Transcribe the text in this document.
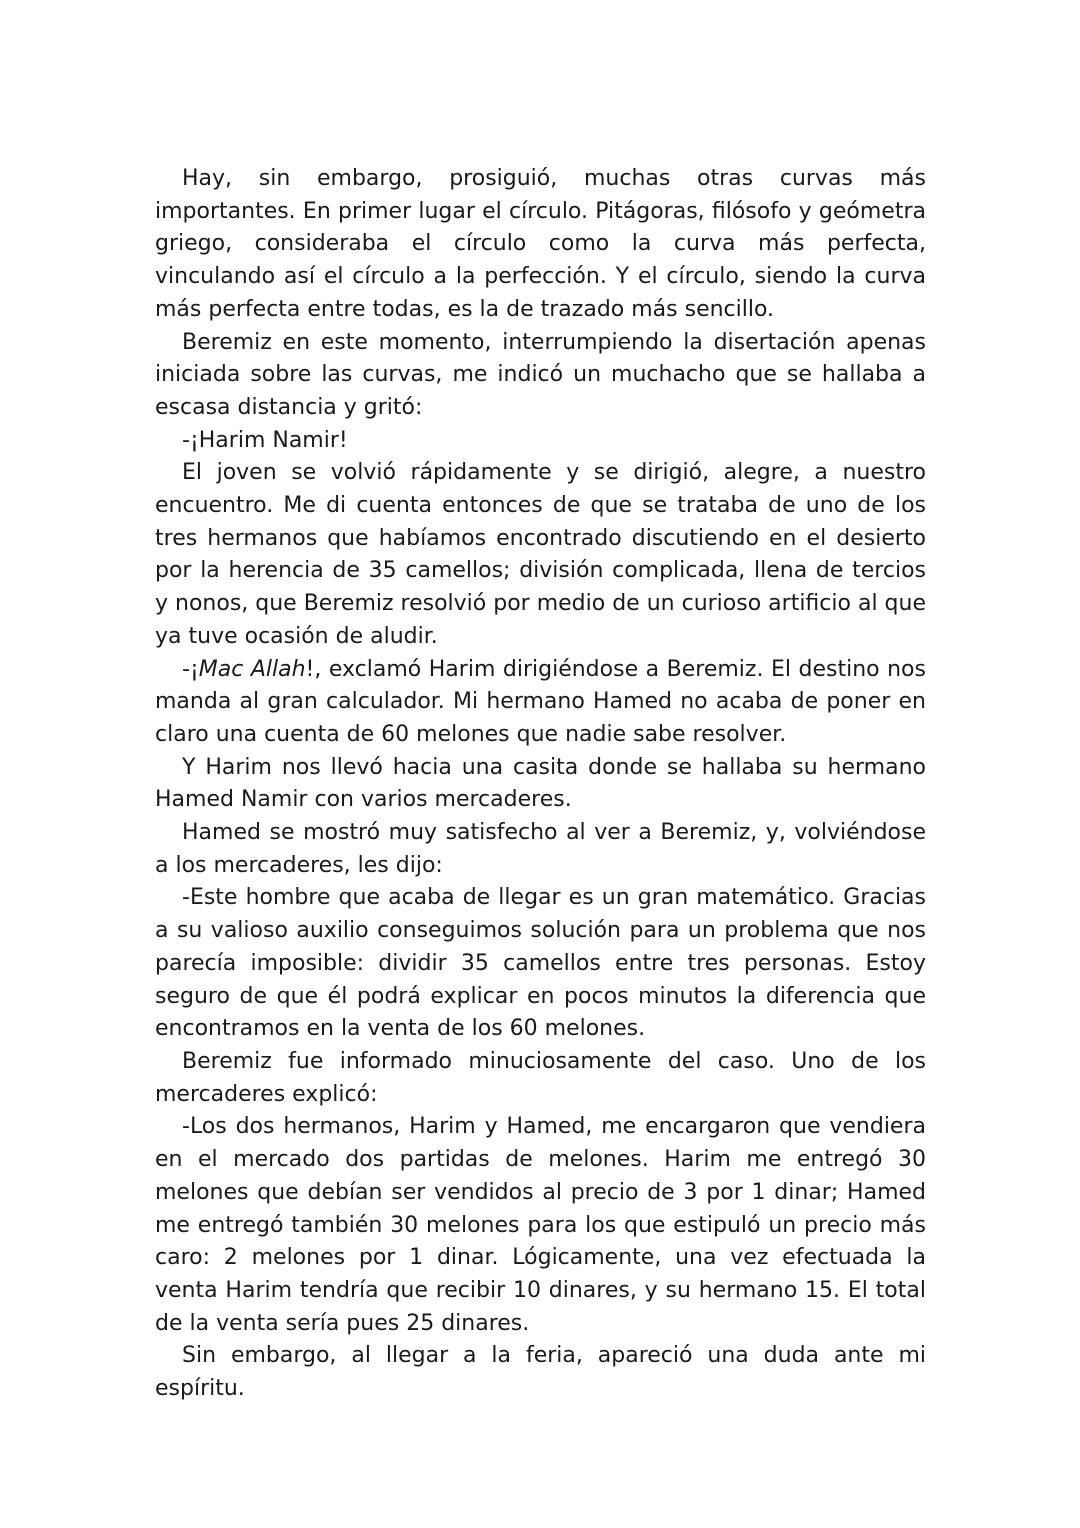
Hay, sin embargo, prosiguió, muchas otras curvas más importantes. En primer lugar el círculo. Pitágoras, filósofo y geómetra griego, consideraba el círculo como la curva más perfecta, vinculando así el círculo a la perfección. Y el círculo, siendo la curva más perfecta entre todas, es la de trazado más sencillo.

Beremiz en este momento, interrumpiendo la disertación apenas iniciada sobre las curvas, me indicó un muchacho que se hallaba a escasa distancia y gritó:

-¡Harim Namir!

El joven se volvió rápidamente y se dirigió, alegre, a nuestro encuentro. Me di cuenta entonces de que se trataba de uno de los tres hermanos que habíamos encontrado discutiendo en el desierto por la herencia de 35 camellos; división complicada, llena de tercios y nonos, que Beremiz resolvió por medio de un curioso artificio al que ya tuve ocasión de aludir.

-¡Mac Allah!, exclamó Harim dirigiéndose a Beremiz. El destino nos manda al gran calculador. Mi hermano Hamed no acaba de poner en claro una cuenta de 60 melones que nadie sabe resolver.

Y Harim nos llevó hacia una casita donde se hallaba su hermano Hamed Namir con varios mercaderes.

Hamed se mostró muy satisfecho al ver a Beremiz, y, volviéndose a los mercaderes, les dijo:

-Este hombre que acaba de llegar es un gran matemático. Gracias a su valioso auxilio conseguimos solución para un problema que nos parecía imposible: dividir 35 camellos entre tres personas. Estoy seguro de que él podrá explicar en pocos minutos la diferencia que encontramos en la venta de los 60 melones.

Beremiz fue informado minuciosamente del caso. Uno de los mercaderes explicó:

-Los dos hermanos, Harim y Hamed, me encargaron que vendiera en el mercado dos partidas de melones. Harim me entregó 30 melones que debían ser vendidos al precio de 3 por 1 dinar; Hamed me entregó también 30 melones para los que estipuló un precio más caro: 2 melones por 1 dinar. Lógicamente, una vez efectuada la venta Harim tendría que recibir 10 dinares, y su hermano 15. El total de la venta sería pues 25 dinares.

Sin embargo, al llegar a la feria, apareció una duda ante mi espíritu.
